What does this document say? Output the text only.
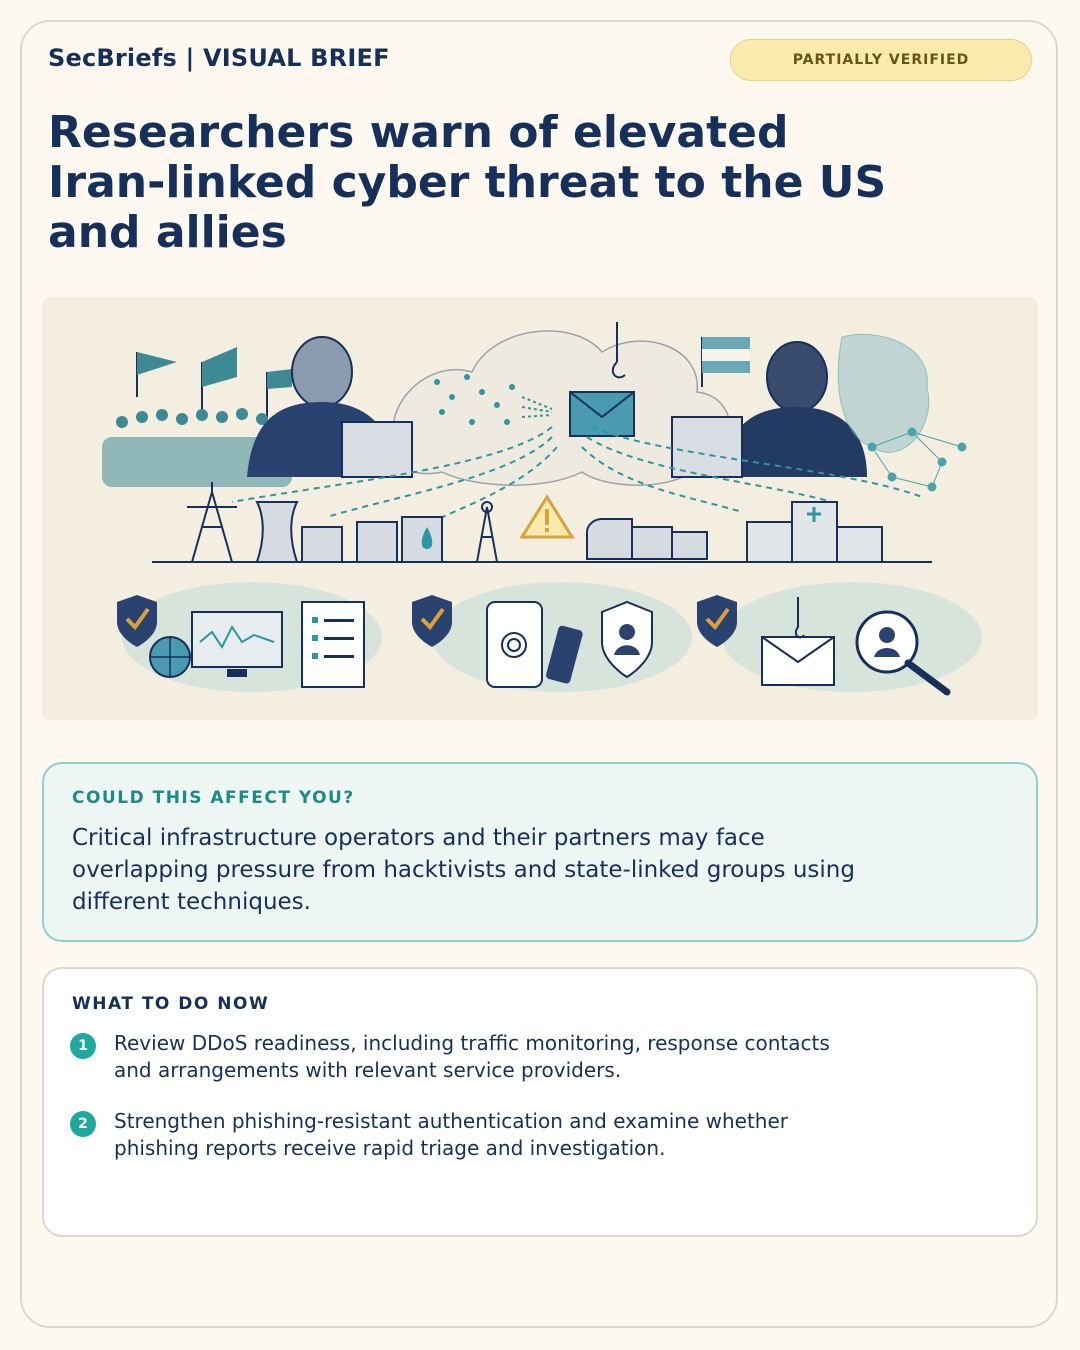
SecBriefs | VISUAL BRIEF	PARTIALLY VERIFIED
Researchers warn of elevated Iran-linked cyber threat to the US and allies
COULD THIS AFFECT YOU?
Critical infrastructure operators and their partners may face overlapping pressure from hacktivists and state-linked groups using different techniques.
WHAT TO DO NOW
1	Review DDoS readiness, including traffic monitoring, response contacts and arrangements with relevant service providers.
2	Strengthen phishing-resistant authentication and examine whether phishing reports receive rapid triage and investigation.
